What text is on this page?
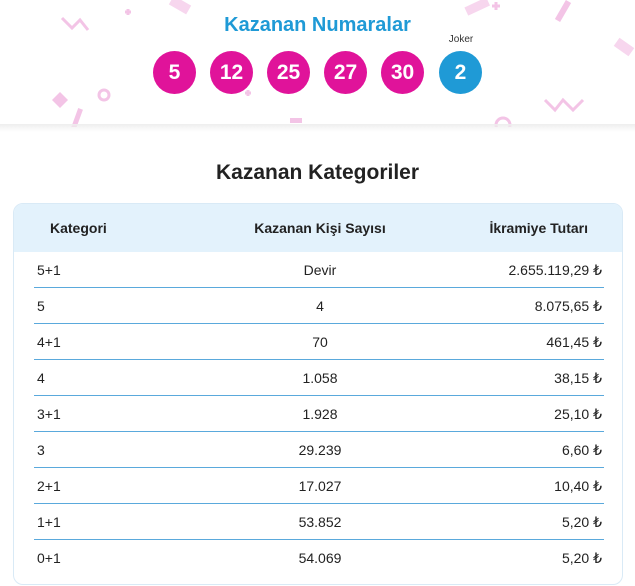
Kazanan Numaralar
Joker
5	12	25	27	30	2
Kazanan Kategoriler
Kategori	Kazanan Kişi Sayısı	İkramiye Tutarı
5+1	Devir	2.655.119,29 ₺
5	4	8.075,65 ₺
4+1	70	461,45 ₺
4	1.058	38,15 ₺
3+1	1.928	25,10 ₺
3	29.239	6,60 ₺
2+1	17.027	10,40 ₺
1+1	53.852	5,20 ₺
0+1	54.069	5,20 ₺
